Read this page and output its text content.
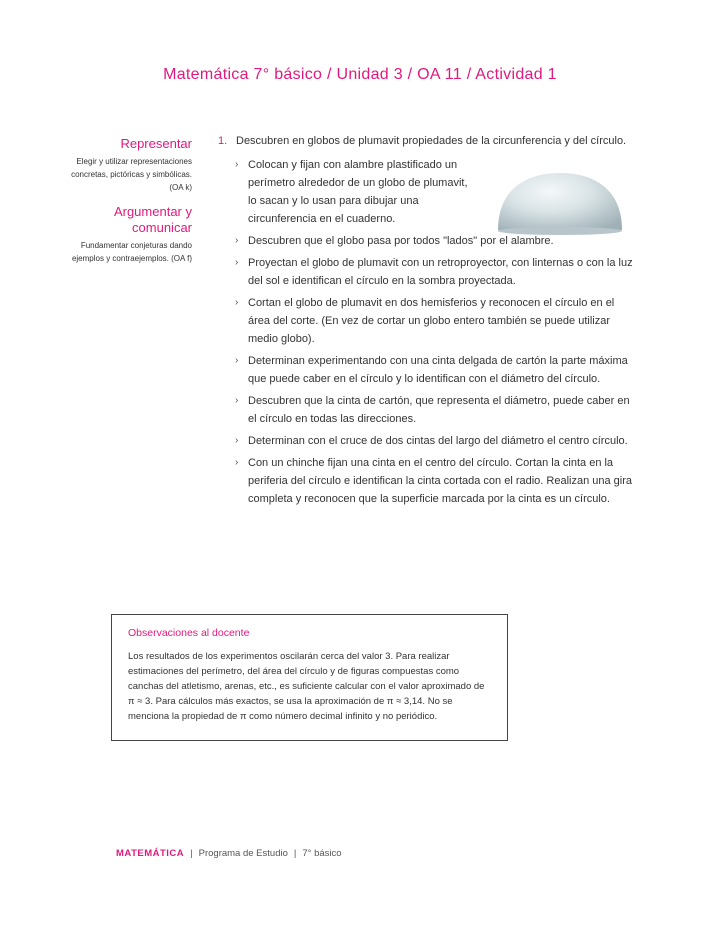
Matemática 7° básico / Unidad 3 / OA 11 / Actividad 1
Representar
Elegir y utilizar representaciones concretas, pictóricas y simbólicas. (OA k)
Argumentar y comunicar
Fundamentar conjeturas dando ejemplos y contraejemplos. (OA f)
1. Descubren en globos de plumavit propiedades de la circunferencia y del círculo.
› Colocan y fijan con alambre plastificado un perímetro alrededor de un globo de plumavit, lo sacan y lo usan para dibujar una circunferencia en el cuaderno.
› Descubren que el globo pasa por todos "lados" por el alambre.
› Proyectan el globo de plumavit con un retroproyector, con linternas o con la luz del sol e identifican el círculo en la sombra proyectada.
› Cortan el globo de plumavit en dos hemisferios y reconocen el círculo en el área del corte. (En vez de cortar un globo entero también se puede utilizar medio globo).
› Determinan experimentando con una cinta delgada de cartón la parte máxima que puede caber en el círculo y lo identifican con el diámetro del círculo.
› Descubren que la cinta de cartón, que representa el diámetro, puede caber en el círculo en todas las direcciones.
› Determinan con el cruce de dos cintas del largo del diámetro el centro círculo.
› Con un chinche fijan una cinta en el centro del círculo. Cortan la cinta en la periferia del círculo e identifican la cinta cortada con el radio. Realizan una gira completa y reconocen que la superficie marcada por la cinta es un círculo.
Observaciones al docente
Los resultados de los experimentos oscilarán cerca del valor 3. Para realizar estimaciones del perímetro, del área del círculo y de figuras compuestas como canchas del atletismo, arenas, etc., es suficiente calcular con el valor aproximado de π ≈ 3. Para cálculos más exactos, se usa la aproximación de π ≈ 3,14. No se menciona la propiedad de π como número decimal infinito y no periódico.
MATEMÁTICA | Programa de Estudio | 7° básico
